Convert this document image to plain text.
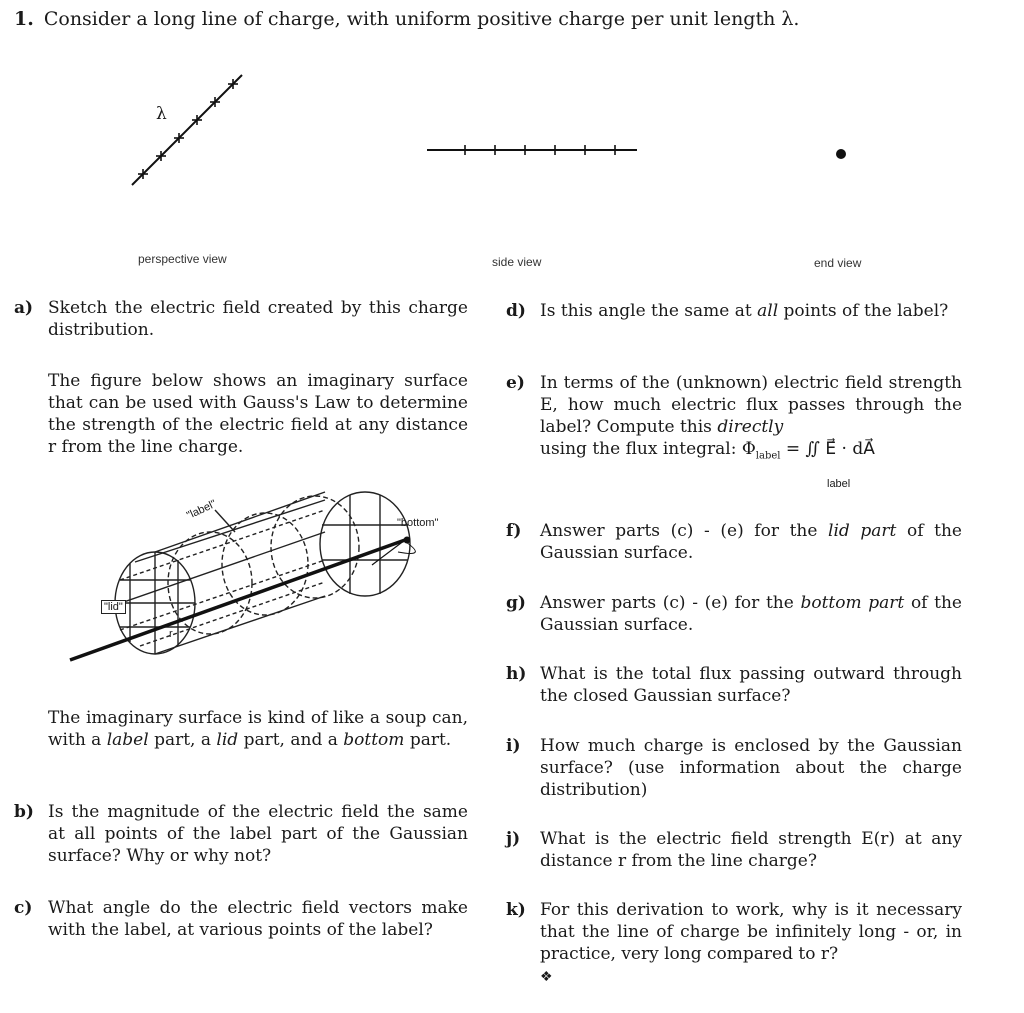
1. Consider a long line of charge, with uniform positive charge per unit length λ.
λ
perspective view	side view	end view
a) Sketch the electric field created by this charge distribution.
The figure below shows an imaginary surface that can be used with Gauss's Law to determine the strength of the electric field at any distance r from the line charge.
"label"
"bottom"
"lid"
r
The imaginary surface is kind of like a soup can, with a label part, a lid part, and a bottom part.
b) Is the magnitude of the electric field the same at all points of the label part of the Gaussian surface? Why or why not?
c) What angle do the electric field vectors make with the label, at various points of the label?
d) Is this angle the same at all points of the label?
e) In terms of the (unknown) electric field strength E, how much electric flux passes through the label? Compute this directly
using the flux integral: $\Phi_{label}$ = ∬ E⃗ · dA⃗
label
f) Answer parts (c) - (e) for the lid part of the Gaussian surface.
g) Answer parts (c) - (e) for the bottom part of the Gaussian surface.
h) What is the total flux passing outward through the closed Gaussian surface?
i) How much charge is enclosed by the Gaussian surface? (use information about the charge distribution)
j) What is the electric field strength E(r) at any distance r from the line charge?
k) For this derivation to work, why is it necessary that the line of charge be infinitely long - or, in practice, very long compared to r?
❖
